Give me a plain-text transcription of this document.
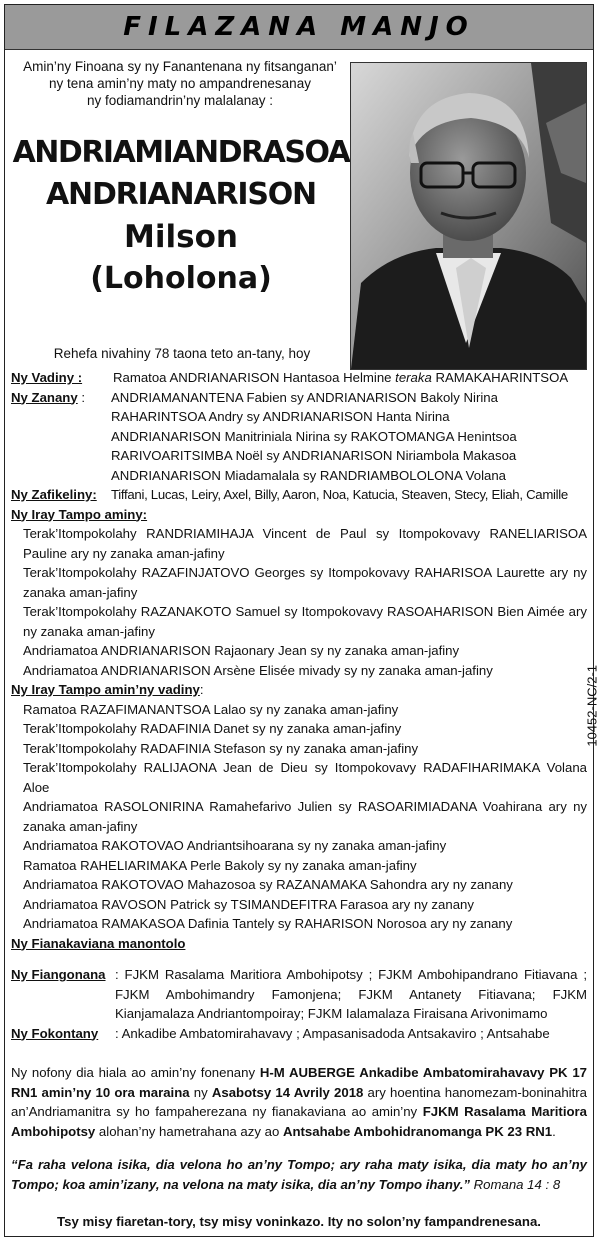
FILAZANA MANJO
Amin’ny Finoana sy ny Fanantenana ny fitsanganan’
ny tena amin’ny maty no ampandrenesanay
ny fodiamandrin’ny malalanay :
ANDRIAMIANDRASOA
ANDRIANARISON
Milson
(Loholona)
Rehefa nivahiny 78 taona teto an-tany, hoy
Ny Vadiny :	Ramatoa ANDRIANARISON Hantasoa Helmine teraka RAMAKAHARINTSOA
Ny Zanany :	ANDRIAMANANTENA Fabien sy ANDRIANARISON Bakoly Nirina
RAHARINTSOA Andry sy ANDRIANARISON Hanta Nirina
ANDRIANARISON Manitriniala Nirina sy RAKOTOMANGA Henintsoa
RARIVOARITSIMBA Noël sy ANDRIANARISON Niriambola Makasoa
ANDRIANARISON Miadamalala sy RANDRIAMBOLOLONA Volana
Ny Zafikeliny:	Tiffani, Lucas, Leiry, Axel, Billy, Aaron, Noa, Katucia, Steaven, Stecy, Eliah, Camille
Ny Iray Tampo aminy:
Terak’Itompokolahy RANDRIAMIHAJA Vincent de Paul sy Itompokovavy RANELIARISOA Pauline ary ny zanaka aman-jafiny
Terak’Itompokolahy RAZAFINJATOVO Georges sy Itompokovavy RAHARISOA Laurette ary ny zanaka aman-jafiny
Terak’Itompokolahy RAZANAKOTO Samuel sy Itompokovavy RASOAHARISON Bien Aimée ary ny zanaka aman-jafiny
Andriamatoa ANDRIANARISON Rajaonary Jean sy ny zanaka aman-jafiny
Andriamatoa ANDRIANARISON Arsène Elisée mivady sy ny zanaka aman-jafiny
Ny Iray Tampo amin’ny vadiny:
Ramatoa RAZAFIMANANTSOA Lalao sy ny zanaka aman-jafiny
Terak’Itompokolahy RADAFINIA Danet sy ny zanaka aman-jafiny
Terak’Itompokolahy RADAFINIA Stefason sy ny zanaka aman-jafiny
Terak’Itompokolahy RALIJAONA Jean de Dieu sy Itompokovavy RADAFIHARIMAKA Volana Aloe
Andriamatoa RASOLONIRINA Ramahefarivo Julien sy RASOARIMIADANA Voahirana ary ny zanaka aman-jafiny
Andriamatoa RAKOTOVAO Andriantsihoarana sy ny zanaka aman-jafiny
Ramatoa RAHELIARIMAKA Perle Bakoly sy ny zanaka aman-jafiny
Andriamatoa RAKOTOVAO Mahazosoa sy RAZANAMAKA Sahondra ary ny zanany
Andriamatoa RAVOSON Patrick sy TSIMANDEFITRA Farasoa ary ny zanany
Andriamatoa RAMAKASOA Dafinia Tantely sy RAHARISON Norosoa ary ny zanany
Ny Fianakaviana manontolo
Ny Fiangonana : FJKM Rasalama Maritiora Ambohipotsy ; FJKM Ambohipandrano Fitiavana ; FJKM Ambohimandry Famonjena; FJKM Antanety Fitiavana; FJKM Kianjamalaza Andriantompoiray; FJKM Ialamalaza Firaisana Arivonimamo
Ny Fokontany	: Ankadibe Ambatomirahavavy ; Ampasanisadoda Antsakaviro ; Antsahabe
Ny nofony dia hiala ao amin’ny fonenany H-M AUBERGE Ankadibe Ambatomirahavavy PK 17 RN1 amin’ny 10 ora maraina ny Asabotsy 14 Avrily 2018 ary hoentina hanomezam-boninahitra an’Andriamanitra sy ho fampaherezana ny fianakaviana ao amin’ny FJKM Rasalama Maritiora Ambohipotsy alohan’ny hametrahana azy ao Antsahabe Ambohidranomanga PK 23 RN1.
“Fa raha velona isika, dia velona ho an’ny Tompo; ary raha maty isika, dia maty ho an’ny Tompo; koa amin’izany, na velona na maty isika, dia an’ny Tompo ihany.” Romana 14 : 8
Tsy misy fiaretan-tory, tsy misy voninkazo. Ity no solon’ny fampandrenesana.
10452-NC/2-1
